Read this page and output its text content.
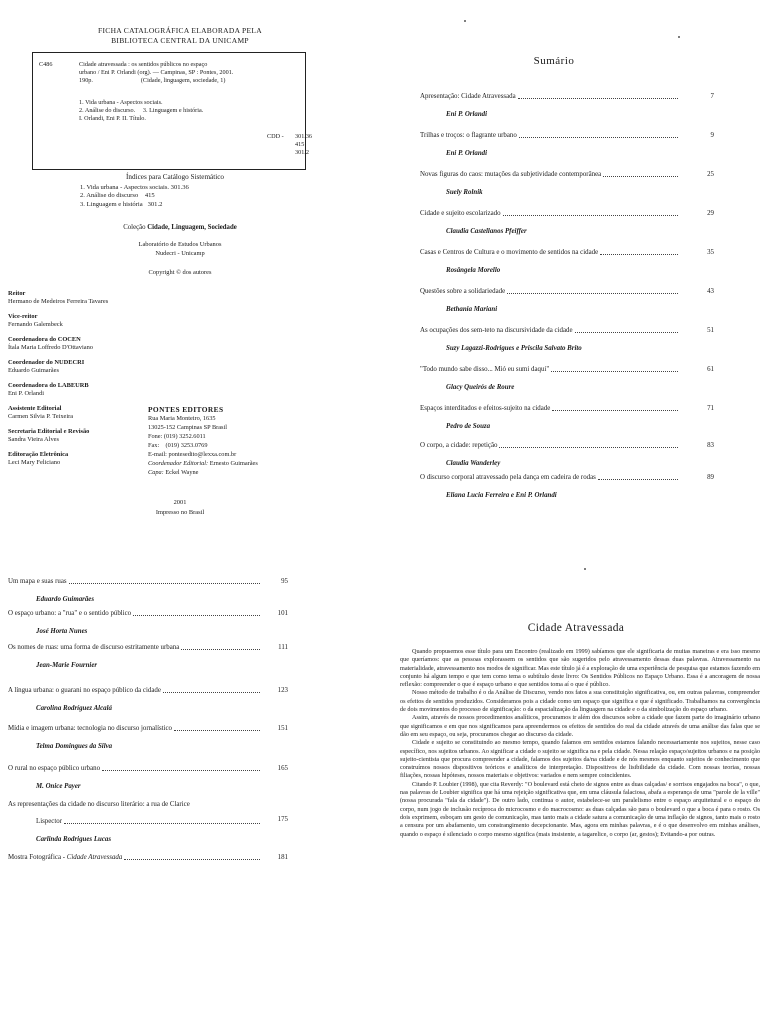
FICHA CATALOGRÁFICA ELABORADA PELA
BIBLIOTECA CENTRAL DA UNICAMP
C486	Cidade atravessada : os sentidos públicos no espaço
urbano / Eni P. Orlandi (org). — Campinas, SP : Pontes, 2001.
190p.                               (Cidade, linguagem, sociedade, 1)
1. Vida urbana - Aspectos sociais.
2. Análise do discurso.     3. Linguagem e história.
I. Orlandi, Eni P. II. Título.
CDD - 301.36
415
301.2
Índices para Catálogo Sistemático
1. Vida urbana - Aspectos sociais. 301.36
2. Análise do discurso    415
3. Linguagem e história   301.2
Coleção Cidade, Linguagem, Sociedade
Laboratório de Estudos Urbanos
Nudecri - Unicamp
Copyright © dos autores
Reitor
Hermano de Medeiros Ferreira Tavares
Vice-reitor
Fernando Galembeck
Coordenadora do COCEN
Ítala Maria Loffredo D'Ottaviano
Coordenador do NUDECRI
Eduardo Guimarães
Coordenadora do LABEURB
Eni P. Orlandi
Assistente Editorial
Carmen Silvia P. Teixeira
Secretaria Editorial e Revisão
Sandra Vieira Alves
Editoração Eletrônica
Leci Mary Feliciano
PONTES EDITORES
Rua Maria Monteiro, 1635
13025-152 Campinas SP Brasil
Fone: (019) 3252.6011
Fax:    (019) 3253.0769
E-mail: pontesedito@lexxa.com.br
Coordenador Editorial: Ernesto Guimarães
Capa: Eckel Wayne
2001
Impresso no Brasil
Sumário
Apresentação: Cidade Atravessada	7
Eni P. Orlandi
Trilhas e troços: o flagrante urbano	9
Eni P. Orlandi
Novas figuras do caos: mutações da subjetividade contemporânea	25
Suely Rolnik
Cidade e sujeito escolarizado	29
Claudia Castellanos Pfeiffer
Casas e Centros de Cultura e o movimento de sentidos na cidade	35
Rosângela Morello
Questões sobre a solidariedade	43
Bethania Mariani
As ocupações dos sem-teto na discursividade da cidade	51
Suzy Lagazzi-Rodrigues e Priscila Salvato Brito
"Todo mundo sabe disso... Mió eu sumi daqui"	61
Glacy Queirós de Roure
Espaços interditados e efeitos-sujeito na cidade	71
Pedro de Souza
O corpo, a cidade: repetição	83
Claudia Wanderley
O discurso corporal atravessado pela dança em cadeira de rodas	89
Eliana Lucia Ferreira e Eni P. Orlandi
Um mapa e suas ruas	95
Eduardo Guimarães
O espaço urbano: a "rua" e o sentido público	101
José Horta Nunes
Os nomes de ruas: uma forma de discurso estritamente urbana	111
Jean-Marie Fournier
A língua urbana: o guarani no espaço público da cidade	123
Carolina Rodríguez Alcalá
Mídia e imagem urbana: tecnologia no discurso jornalístico	151
Telma Domingues da Silva
O rural no espaço público urbano	165
M. Onice Payer
As representações da cidade no discurso literário: a rua de Clarice
Lispector	175
Carlinda Rodrigues Lucas
Mostra Fotográfica - Cidade Atravessada	181
Cidade Atravessada

Quando propusemos esse título para um Encontro (realizado em 1999) sabíamos que ele significaria de muitas maneiras e era isso mesmo que queríamos: que as pessoas explorassem os sentidos que são sugeridos pelo atravessamento dessas duas palavras. Atravessamento na materialidade, atravessamento nos modos de significar. Mas este título já é a exploração de uma experiência de pesquisa que estamos fazendo em conjunto há algum tempo e que tem como tema o subtítulo deste livro: Os Sentidos Públicos no Espaço Urbano. Essa é a ancoragem de nossa reflexão: compreender o que é espaço urbano e que sentidos toma aí o que é público.

Nosso método de trabalho é o da Análise de Discurso, vendo nos fatos a sua constituição significativa, ou, em outras palavras, compreender os efeitos de sentidos produzidos. Consideramos pois a cidade como um espaço que significa e que é significado. Trabalhamos na convergência de dois movimentos do processo de significação: o da espacialização da linguagem na cidade e o da simbolização do espaço urbano.

Assim, através de nossos procedimentos analíticos, procuramos ir além dos discursos sobre a cidade que fazem parte do imaginário urbano que significamos e em que nos significamos para apreendermos os efeitos de sentidos do real da cidade através de uma análise das falas que se dão em seu espaço, ou seja, procuramos chegar ao discurso da cidade.

Cidade e sujeito se constituindo ao mesmo tempo, quando falamos em sentidos estamos falando necessariamente nos sujeitos, nesse caso específico, nos sujeitos urbanos. Ao significar a cidade o sujeito se significa na e pela cidade. Nessa relação espaço/sujeitos urbanos e na posição sujeito-cientista que procura compreender a cidade, falamos dos sujeitos da/na cidade e de nós mesmos enquanto sujeitos de conhecimento que construímos nossos dispositivos teóricos e analíticos de interpretação. Dispositivos de lisibilidade da cidade. Com nossas teorias, nossas filiações, nossas hipóteses, nossos materiais e objetivos: variados e nem sempre coincidentes.

Citando P. Loubier (1998), que cita Reverdy: "O boulevard está cheio de signos entre as duas calçadas/ e sorrisos engajados na boca", o que, nas palavras de Loubier significa que há uma rejeição significativa que, em uma cláusula falaciosa, abafa a esperança de uma "parole de la ville" (nossa procurada "fala da cidade"). De outro lado, continua o autor, estabelece-se um paralelismo entre o espaço arquitetural e o espaço do corpo, num jogo de inclusão recíproca do microcosmo e do macrocosmo: as duas calçadas são para o boulevard o que a boca é para o rosto. Os dois exprimem, esboçam um gesto de comunicação, mas tanto mais a cidade satura a comunicação de uma inflação de signos, tanto mais o rosto a censura por um abafamento, um constrangimento decepcionante. Mas, agora em minhas palavras, e é o que desenvolvo em minhas análises, quando o espaço é silenciado o corpo mesmo significa (mais insistente, a tagarelice, o corpo (ar, gestos); Evitando-a por outras.
